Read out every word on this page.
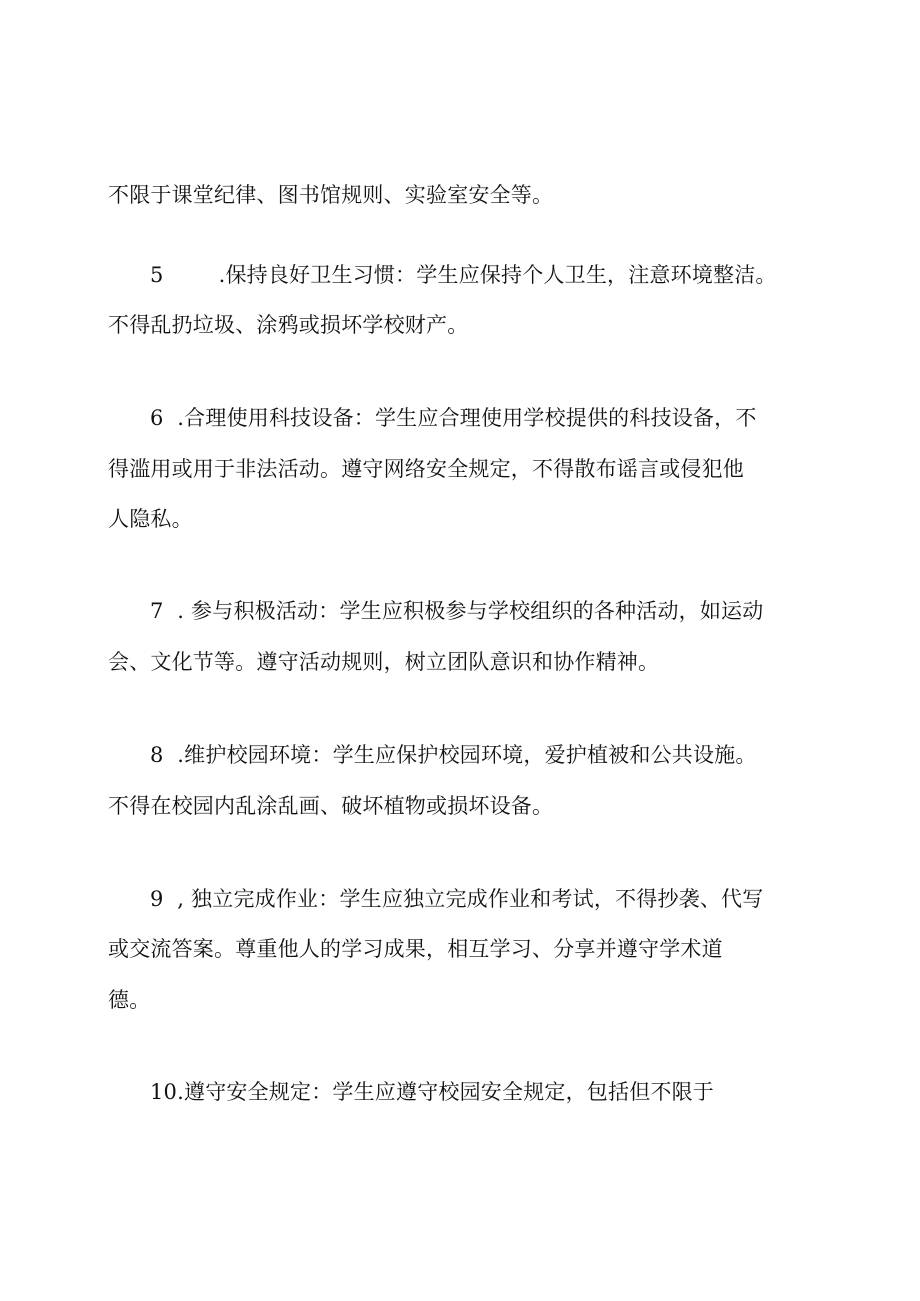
不限于课堂纪律、图书馆规则、实验室安全等。
5        .保持良好卫生习惯：学生应保持个人卫生，注意环境整洁。
不得乱扔垃圾、涂鸦或损坏学校财产。
6  .合理使用科技设备：学生应合理使用学校提供的科技设备，不
得滥用或用于非法活动。遵守网络安全规定，不得散布谣言或侵犯他
人隐私。
7  . 参与积极活动：学生应积极参与学校组织的各种活动，如运动
会、文化节等。遵守活动规则，树立团队意识和协作精神。
8  .维护校园环境：学生应保护校园环境，爱护植被和公共设施。
不得在校园内乱涂乱画、破坏植物或损坏设备。
9  , 独立完成作业：学生应独立完成作业和考试，不得抄袭、代写
或交流答案。尊重他人的学习成果，相互学习、分享并遵守学术道
德。
10.遵守安全规定：学生应遵守校园安全规定，包括但不限于
